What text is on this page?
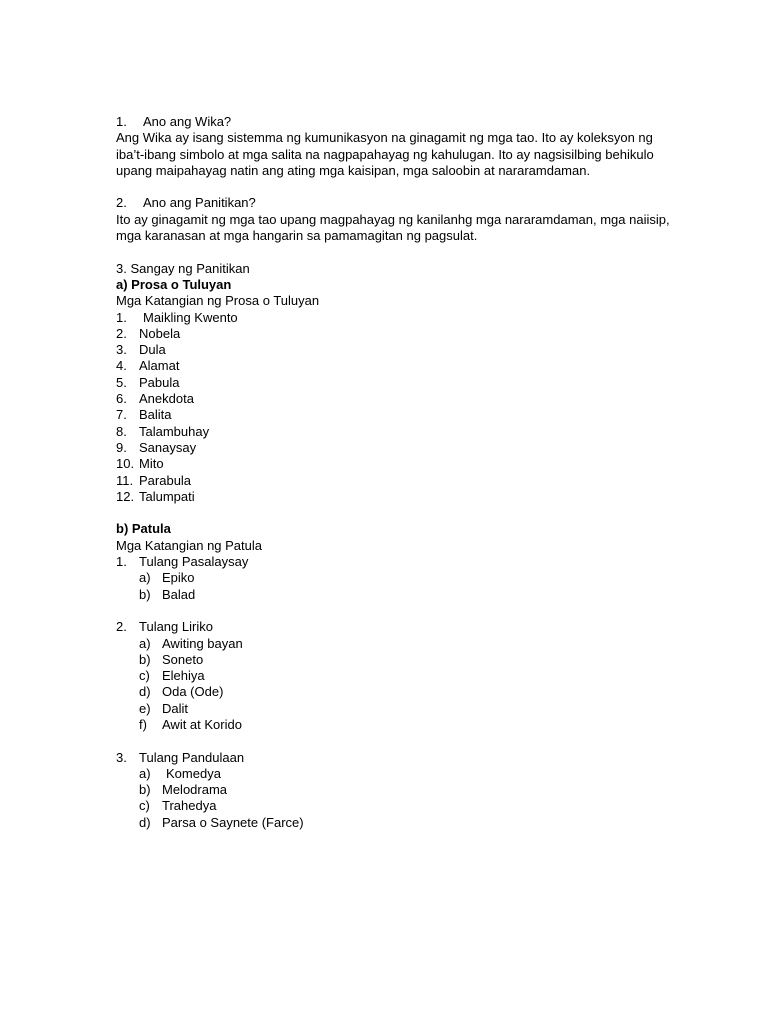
1. Ano ang Wika?
Ang Wika ay isang sistemma ng kumunikasyon na ginagamit ng mga tao. Ito ay koleksyon ng
iba’t-ibang simbolo at mga salita na nagpapahayag ng kahulugan. Ito ay nagsisilbing behikulo
upang maipahayag natin ang ating mga kaisipan, mga saloobin at nararamdaman.
2. Ano ang Panitikan?
Ito ay ginagamit ng mga tao upang magpahayag ng kanilanhg mga nararamdaman, mga naiisip,
mga karanasan at mga hangarin sa pamamagitan ng pagsulat.
3. Sangay ng Panitikan
a) Prosa o Tuluyan
Mga Katangian ng Prosa o Tuluyan
1. Maikling Kwento
2. Nobela
3. Dula
4. Alamat
5. Pabula
6. Anekdota
7. Balita
8. Talambuhay
9. Sanaysay
10. Mito
11. Parabula
12. Talumpati
b) Patula
Mga Katangian ng Patula
1. Tulang Pasalaysay
a) Epiko
b) Balad
2. Tulang Liriko
a) Awiting bayan
b) Soneto
c) Elehiya
d) Oda (Ode)
e) Dalit
f) Awit at Korido
3. Tulang Pandulaan
a) Komedya
b) Melodrama
c) Trahedya
d) Parsa o Saynete (Farce)
